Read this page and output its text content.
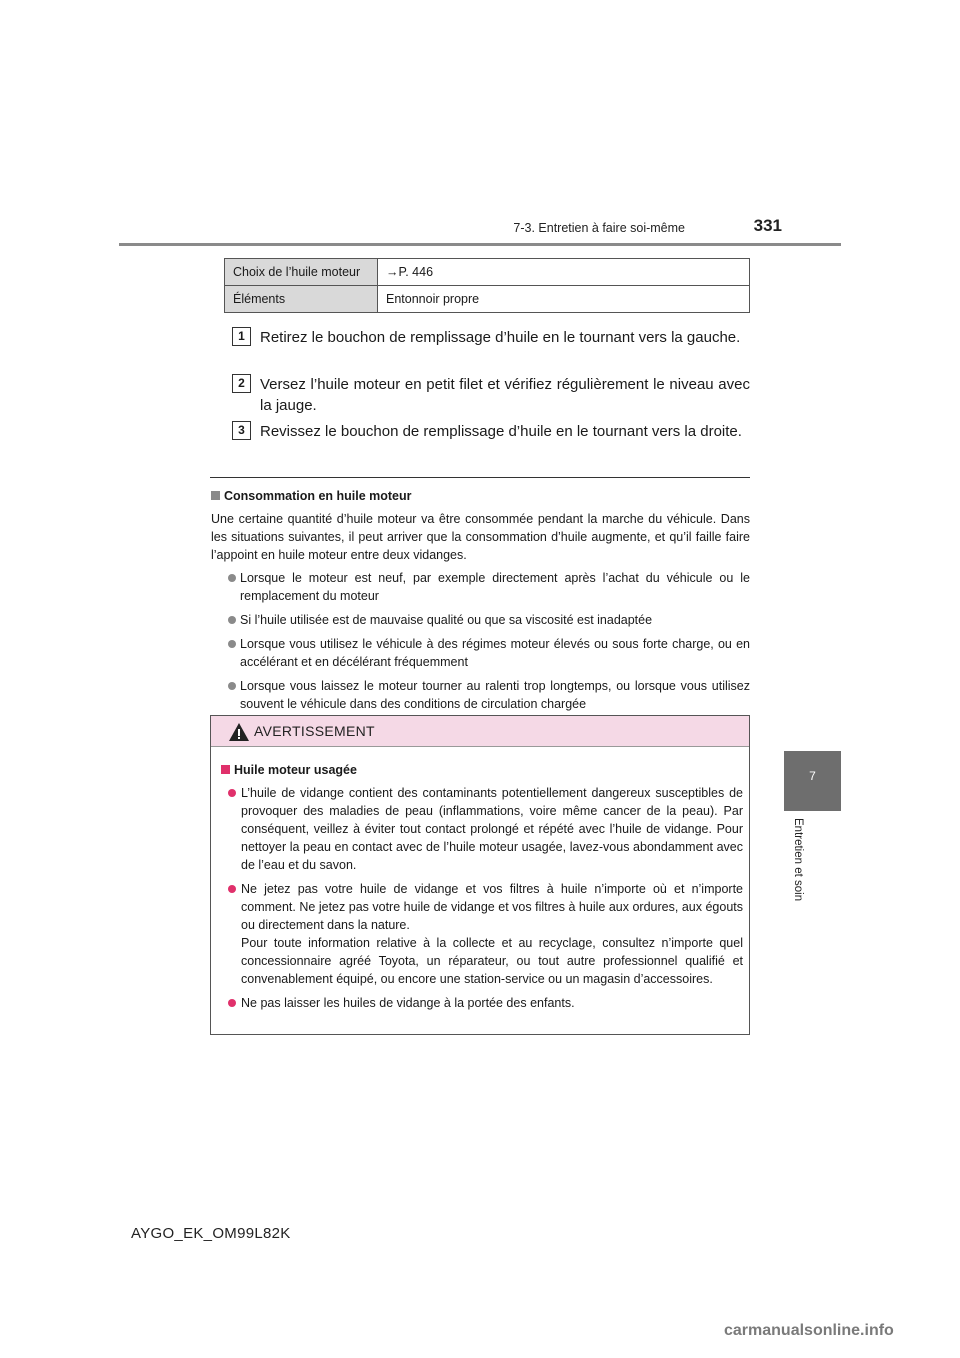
7-3. Entretien à faire soi-même	331
7
Entretien et soin
Choix de l’huile moteur	→P. 446
Éléments	Entonnoir propre
1	Retirez le bouchon de remplissage d’huile en le tournant vers la gauche.
2	Versez l’huile moteur en petit filet et vérifiez régulièrement le niveau avec la jauge.
3	Revissez le bouchon de remplissage d’huile en le tournant vers la droite.
Consommation en huile moteur
Une certaine quantité d’huile moteur va être consommée pendant la marche du véhicule. Dans les situations suivantes, il peut arriver que la consommation d’huile augmente, et qu’il faille faire l’appoint en huile moteur entre deux vidanges.
Lorsque le moteur est neuf, par exemple directement après l’achat du véhicule ou le remplacement du moteur
Si l’huile utilisée est de mauvaise qualité ou que sa viscosité est inadaptée
Lorsque vous utilisez le véhicule à des régimes moteur élevés ou sous forte charge, ou en accélérant et en décélérant fréquemment
Lorsque vous laissez le moteur tourner au ralenti trop longtemps, ou lorsque vous utilisez souvent le véhicule dans des conditions de circulation chargée
AVERTISSEMENT
Huile moteur usagée
L’huile de vidange contient des contaminants potentiellement dangereux susceptibles de provoquer des maladies de peau (inflammations, voire même cancer de la peau). Par conséquent, veillez à éviter tout contact prolongé et répété avec l’huile de vidange. Pour nettoyer la peau en contact avec de l’huile moteur usagée, lavez-vous abondamment avec de l’eau et du savon.
Ne jetez pas votre huile de vidange et vos filtres à huile n’importe où et n’importe comment. Ne jetez pas votre huile de vidange et vos filtres à huile aux ordures, aux égouts ou directement dans la nature.
Pour toute information relative à la collecte et au recyclage, consultez n’importe quel concessionnaire agréé Toyota, un réparateur, ou tout autre professionnel qualifié et convenablement équipé, ou encore une station-service ou un magasin d’accessoires.
Ne pas laisser les huiles de vidange à la portée des enfants.
AYGO_EK_OM99L82K
carmanualsonline.info
